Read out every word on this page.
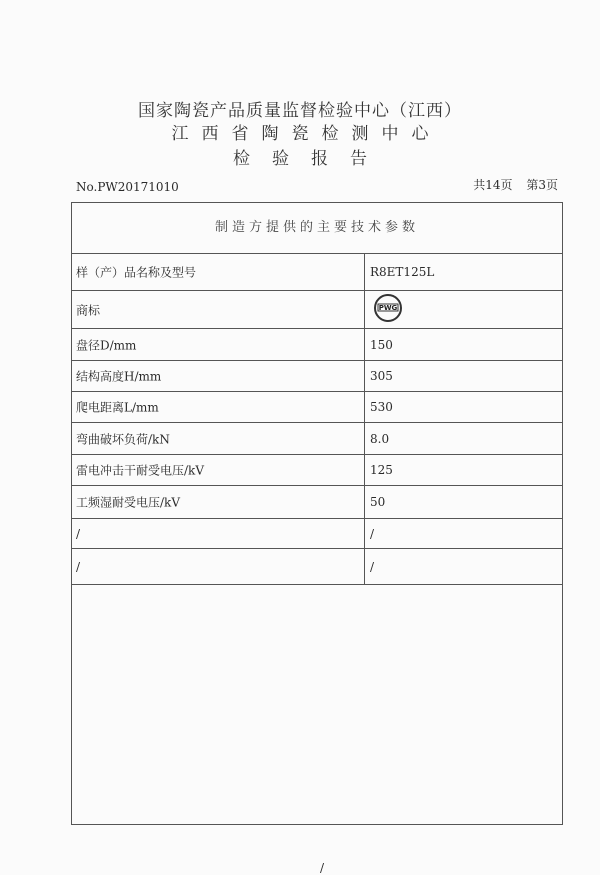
国家陶瓷产品质量监督检验中心（江西）
江西省陶瓷检测中心
检验报告
No.PW20171010	共14页 第3页
制造方提供的主要技术参数
样（产）品名称及型号	R8ET125L
商标	PWG
盘径D/mm	150
结构高度H/mm	305
爬电距离L/mm	530
弯曲破坏负荷/kN	8.0
雷电冲击干耐受电压/kV	125
工频湿耐受电压/kV	50
/	/
/	/
/
